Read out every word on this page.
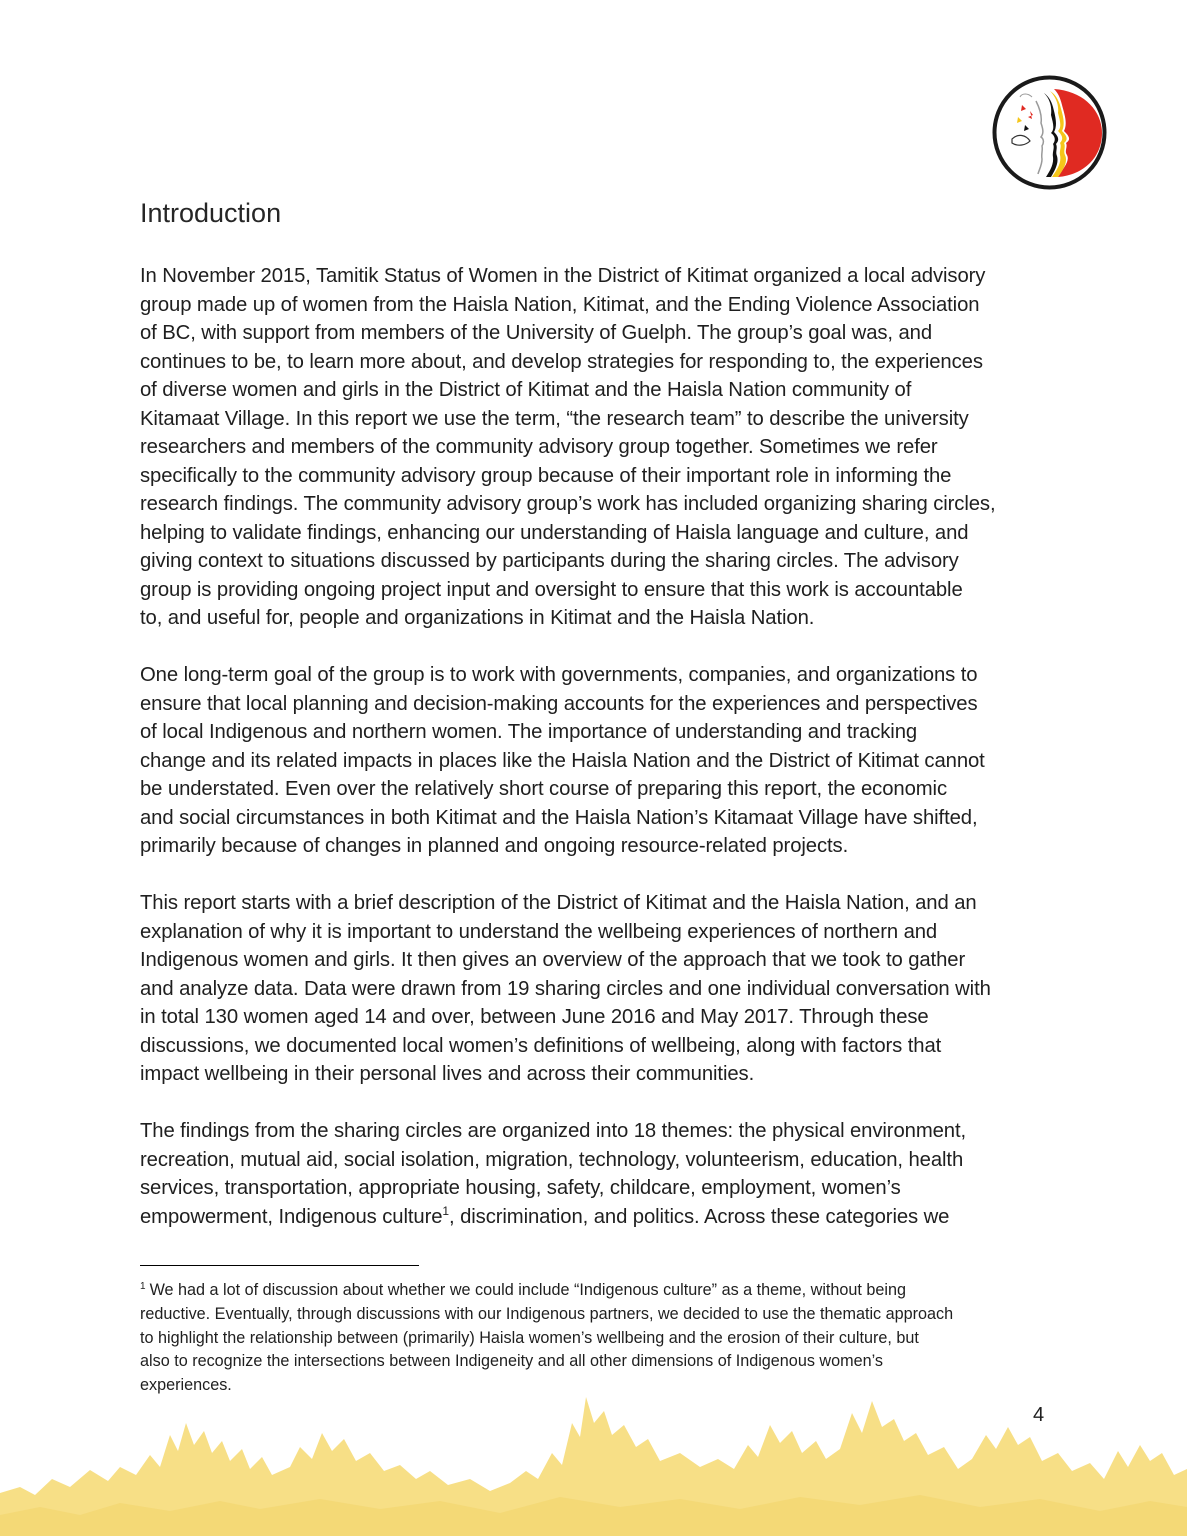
Introduction

In November 2015, Tamitik Status of Women in the District of Kitimat organized a local advisory
group made up of women from the Haisla Nation, Kitimat, and the Ending Violence Association
of BC, with support from members of the University of Guelph. The group’s goal was, and
continues to be, to learn more about, and develop strategies for responding to, the experiences
of diverse women and girls in the District of Kitimat and the Haisla Nation community of
Kitamaat Village. In this report we use the term, “the research team” to describe the university
researchers and members of the community advisory group together. Sometimes we refer
specifically to the community advisory group because of their important role in informing the
research findings. The community advisory group’s work has included organizing sharing circles,
helping to validate findings, enhancing our understanding of Haisla language and culture, and
giving context to situations discussed by participants during the sharing circles. The advisory
group is providing ongoing project input and oversight to ensure that this work is accountable
to, and useful for, people and organizations in Kitimat and the Haisla Nation.

One long-term goal of the group is to work with governments, companies, and organizations to
ensure that local planning and decision-making accounts for the experiences and perspectives
of local Indigenous and northern women. The importance of understanding and tracking
change and its related impacts in places like the Haisla Nation and the District of Kitimat cannot
be understated. Even over the relatively short course of preparing this report, the economic
and social circumstances in both Kitimat and the Haisla Nation’s Kitamaat Village have shifted,
primarily because of changes in planned and ongoing resource-related projects.

This report starts with a brief description of the District of Kitimat and the Haisla Nation, and an
explanation of why it is important to understand the wellbeing experiences of northern and
Indigenous women and girls. It then gives an overview of the approach that we took to gather
and analyze data. Data were drawn from 19 sharing circles and one individual conversation with
in total 130 women aged 14 and over, between June 2016 and May 2017. Through these
discussions, we documented local women’s definitions of wellbeing, along with factors that
impact wellbeing in their personal lives and across their communities.

The findings from the sharing circles are organized into 18 themes: the physical environment,
recreation, mutual aid, social isolation, migration, technology, volunteerism, education, health
services, transportation, appropriate housing, safety, childcare, employment, women’s
empowerment, Indigenous culture$^1$, discrimination, and politics. Across these categories we

$^1$ We had a lot of discussion about whether we could include “Indigenous culture” as a theme, without being
reductive. Eventually, through discussions with our Indigenous partners, we decided to use the thematic approach
to highlight the relationship between (primarily) Haisla women’s wellbeing and the erosion of their culture, but
also to recognize the intersections between Indigeneity and all other dimensions of Indigenous women’s
experiences.
4
